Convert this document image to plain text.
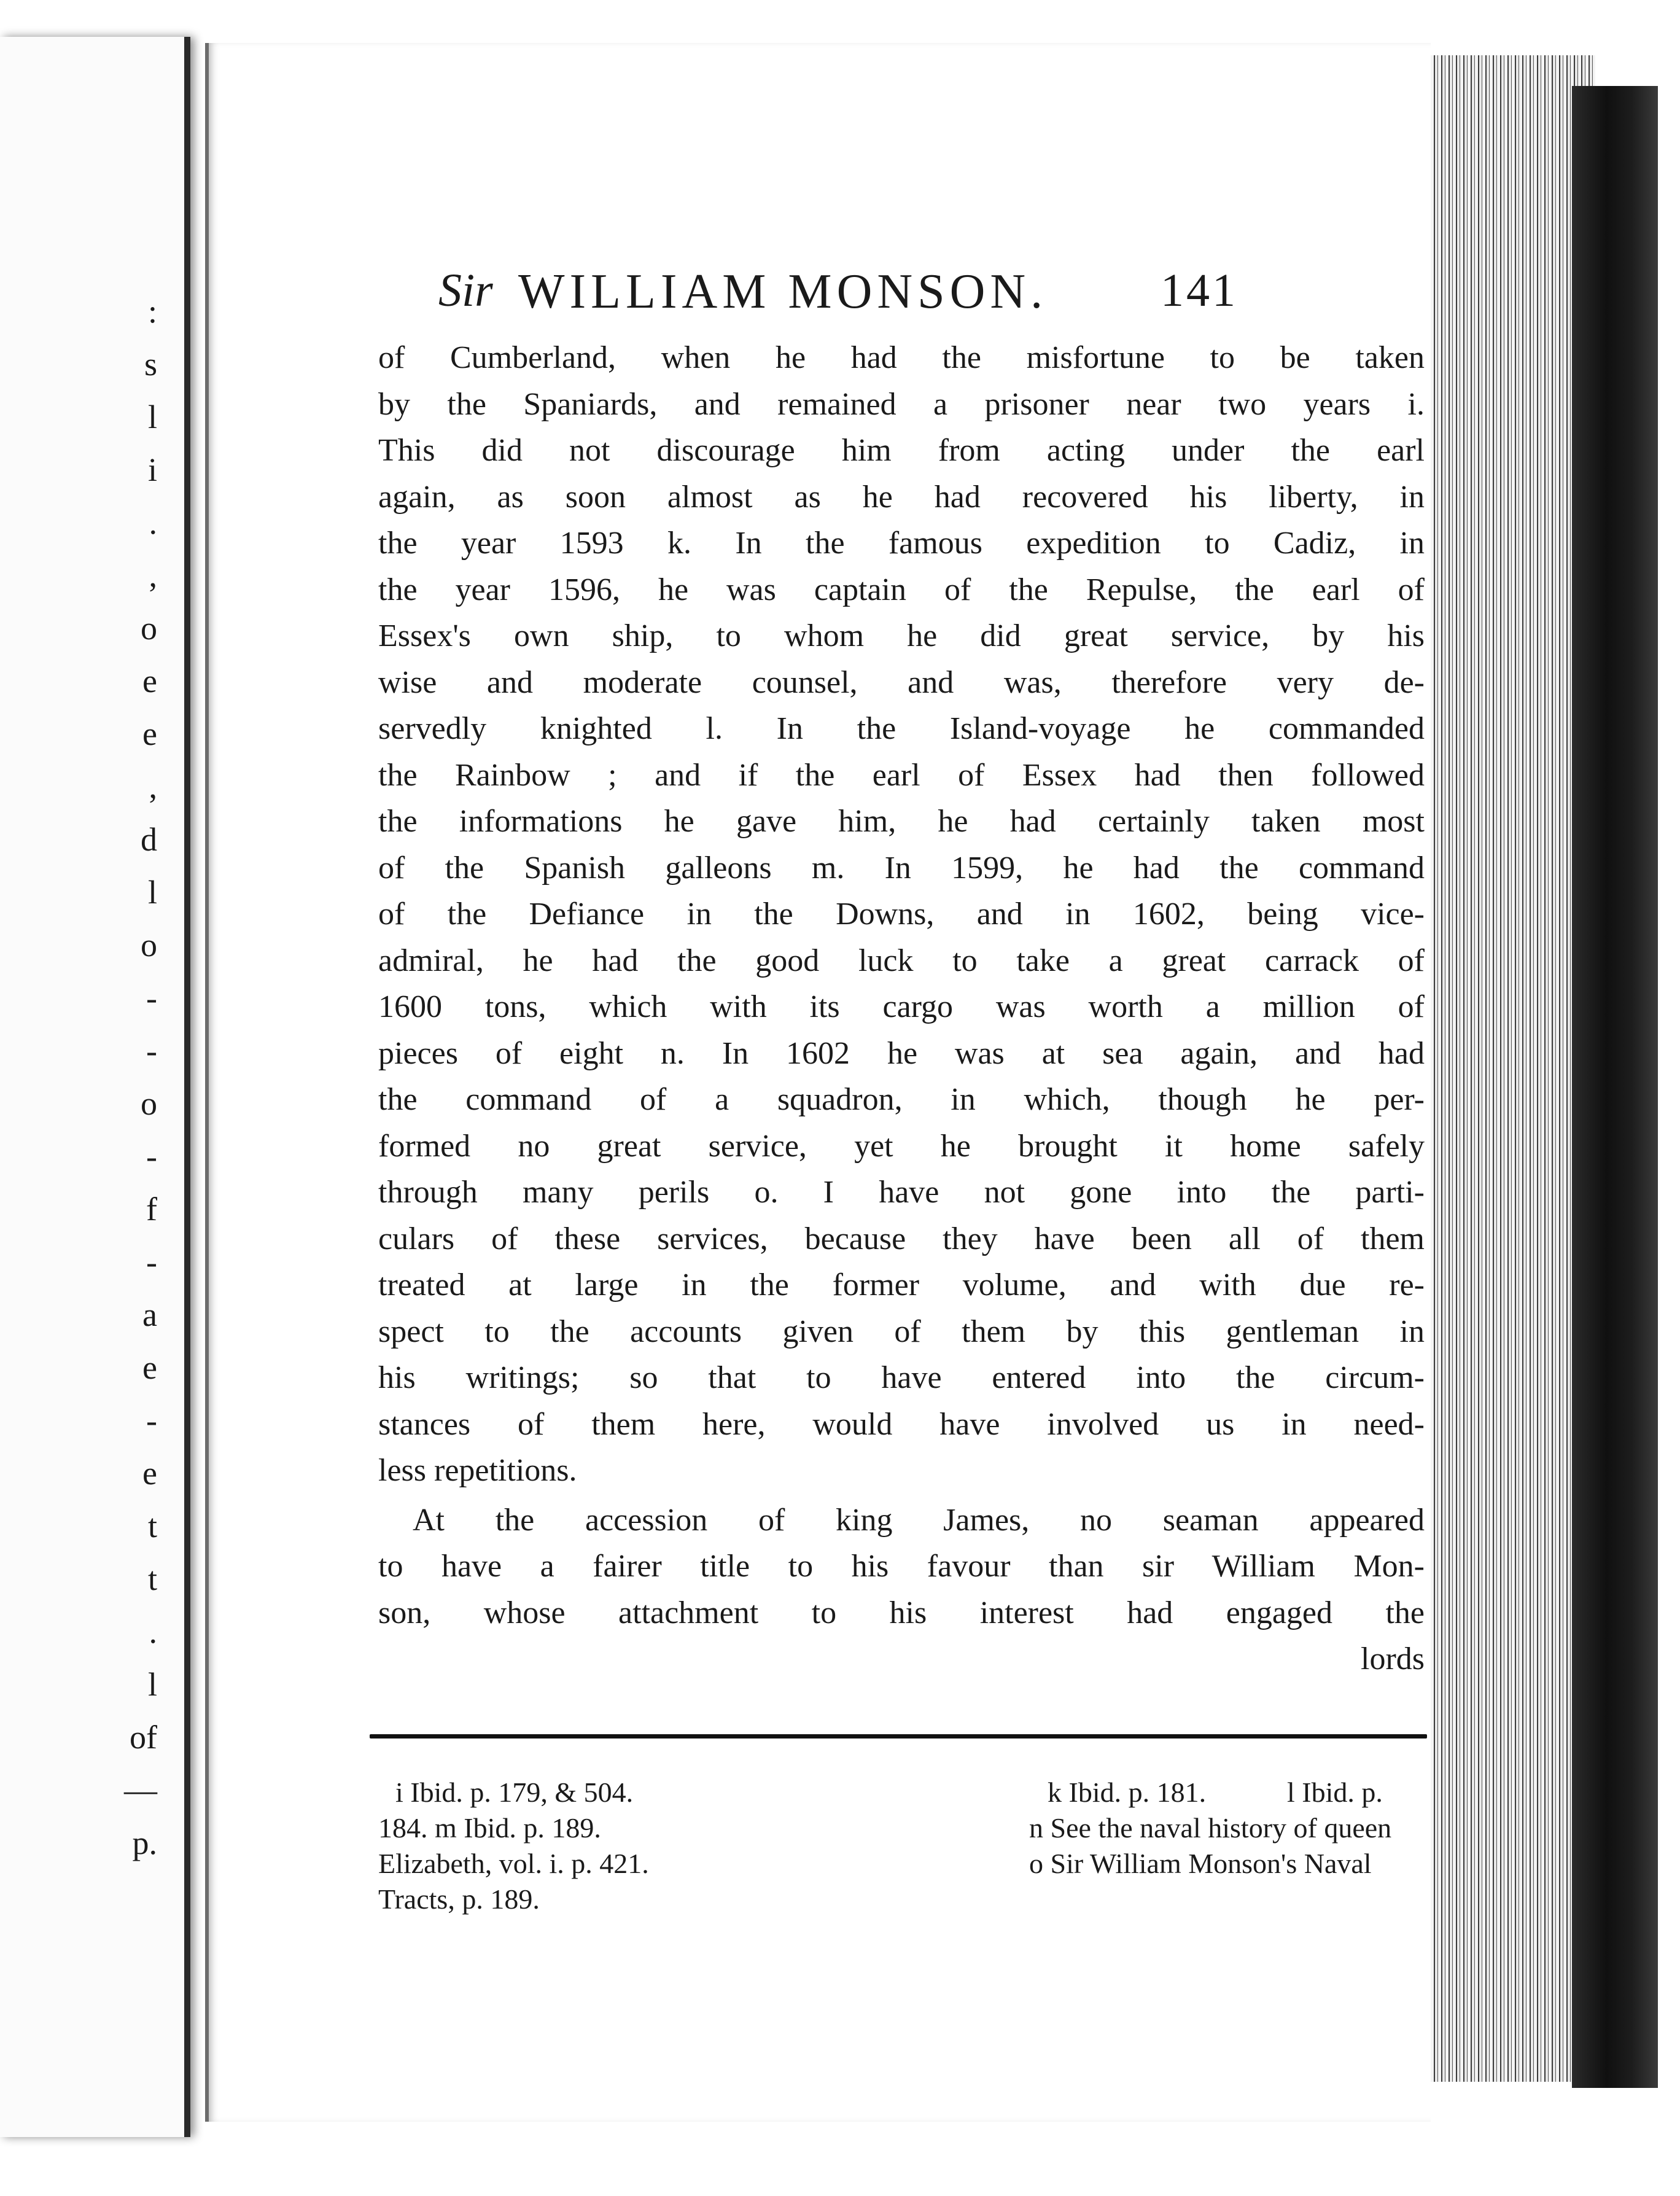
:
s
l
i
.
,
o
e
e
,
d
l
o
-
-
o
-
f
-
a
e
-
e
t
t
.
l
of
—
p.
Sir WILLIAM MONSON. 141
of Cumberland, when he had the misfortune to be taken
by the Spaniards, and remained a prisoner near two years i.
This did not discourage him from acting under the earl
again, as soon almost as he had recovered his liberty, in
the year 1593 k. In the famous expedition to Cadiz, in
the year 1596, he was captain of the Repulse, the earl of
Essex's own ship, to whom he did great service, by his
wise and moderate counsel, and was, therefore very de-
servedly knighted l. In the Island-voyage he commanded
the Rainbow ; and if the earl of Essex had then followed
the informations he gave him, he had certainly taken most
of the Spanish galleons m. In 1599, he had the command
of the Defiance in the Downs, and in 1602, being vice-
admiral, he had the good luck to take a great carrack of
1600 tons, which with its cargo was worth a million of
pieces of eight n. In 1602 he was at sea again, and had
the command of a squadron, in which, though he per-
formed no great service, yet he brought it home safely
through many perils o. I have not gone into the parti-
culars of these services, because they have been all of them
treated at large in the former volume, and with due re-
spect to the accounts given of them by this gentleman in
his writings; so that to have entered into the circum-
stances of them here, would have involved us in need-
less repetitions.
At the accession of king James, no seaman appeared
to have a fairer title to his favour than sir William Mon-
son, whose attachment to his interest had engaged the
lords
i Ibid. p. 179, & 504.	k Ibid. p. 181.	l Ibid. p.
184. m Ibid. p. 189.	n See the naval history of queen
Elizabeth, vol. i. p. 421.	o Sir William Monson's Naval
Tracts, p. 189.
